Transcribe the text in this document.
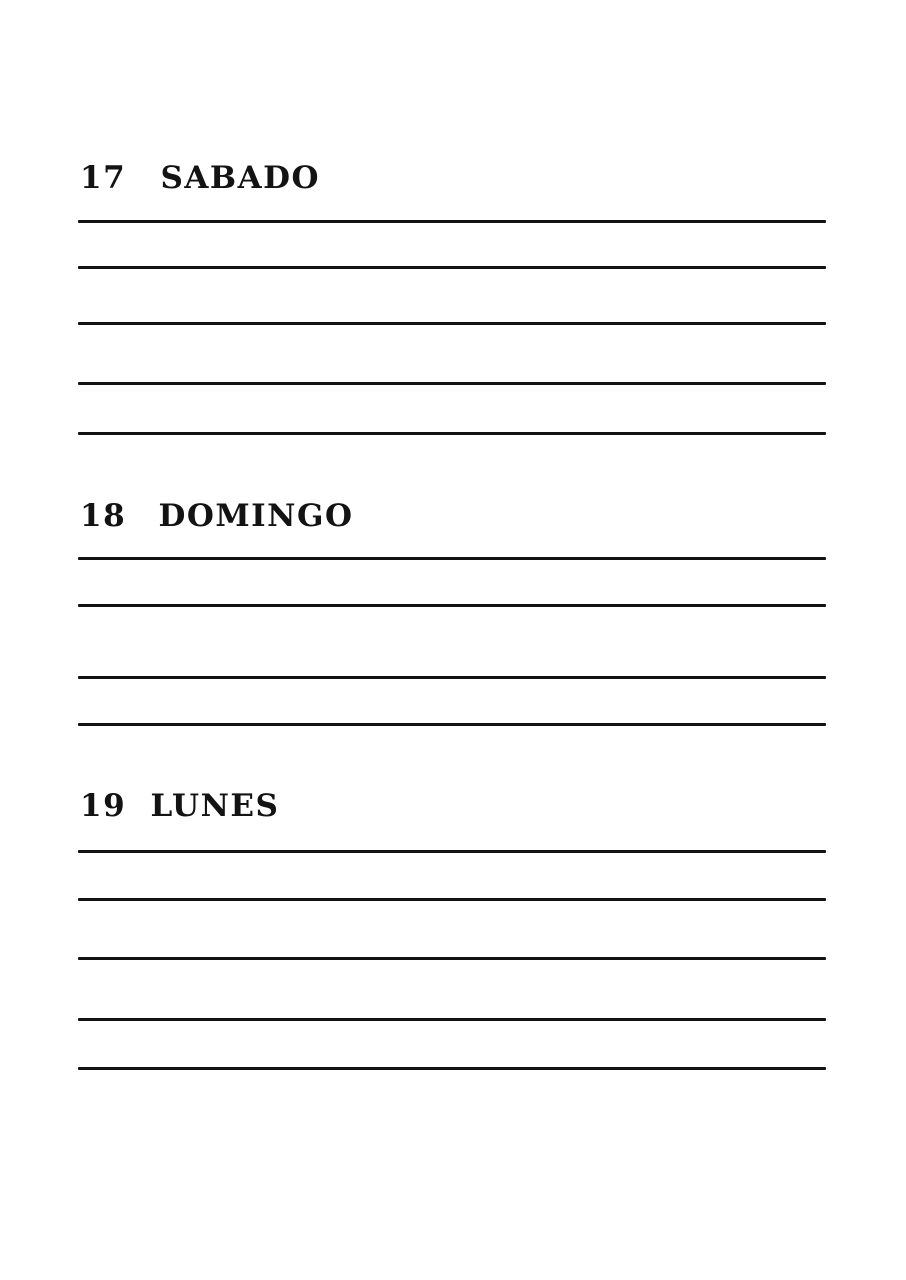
17 SABADO
18 DOMINGO
19 LUNES
